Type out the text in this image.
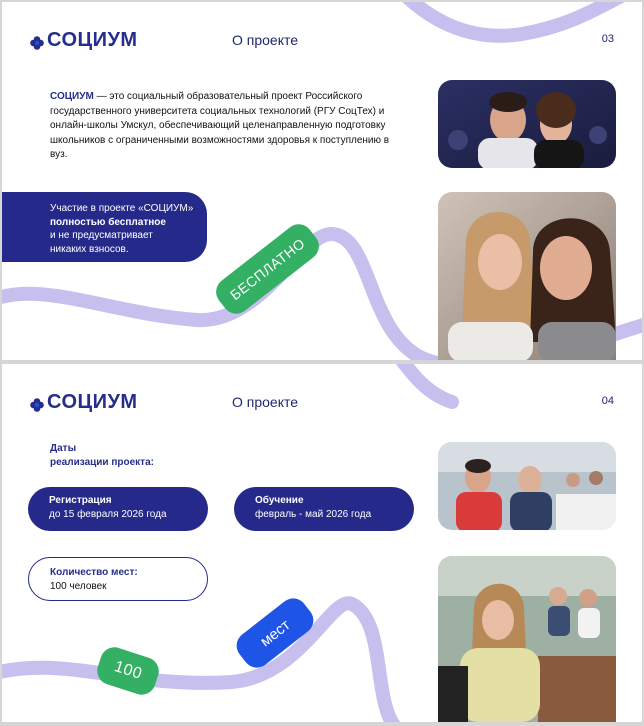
СОЦИУМ	О проекте	03
СОЦИУМ — это социальный образовательный проект Российского государственного университета социальных технологий (РГУ СоцТех) и онлайн-школы Умскул, обеспечивающий целенаправленную подготовку школьников с ограниченными возможностями здоровья к поступлению в вуз.
Участие в проекте «СОЦИУМ»
полностью бесплатное
и не предусматривает
никаких взносов.	БЕСПЛАТНО
СОЦИУМ	О проекте	04
Даты
реализации проекта:
Регистрация
до 15 февраля 2026 года
Обучение
февраль - май 2026 года
Количество мест:
100 человек
мест
100
